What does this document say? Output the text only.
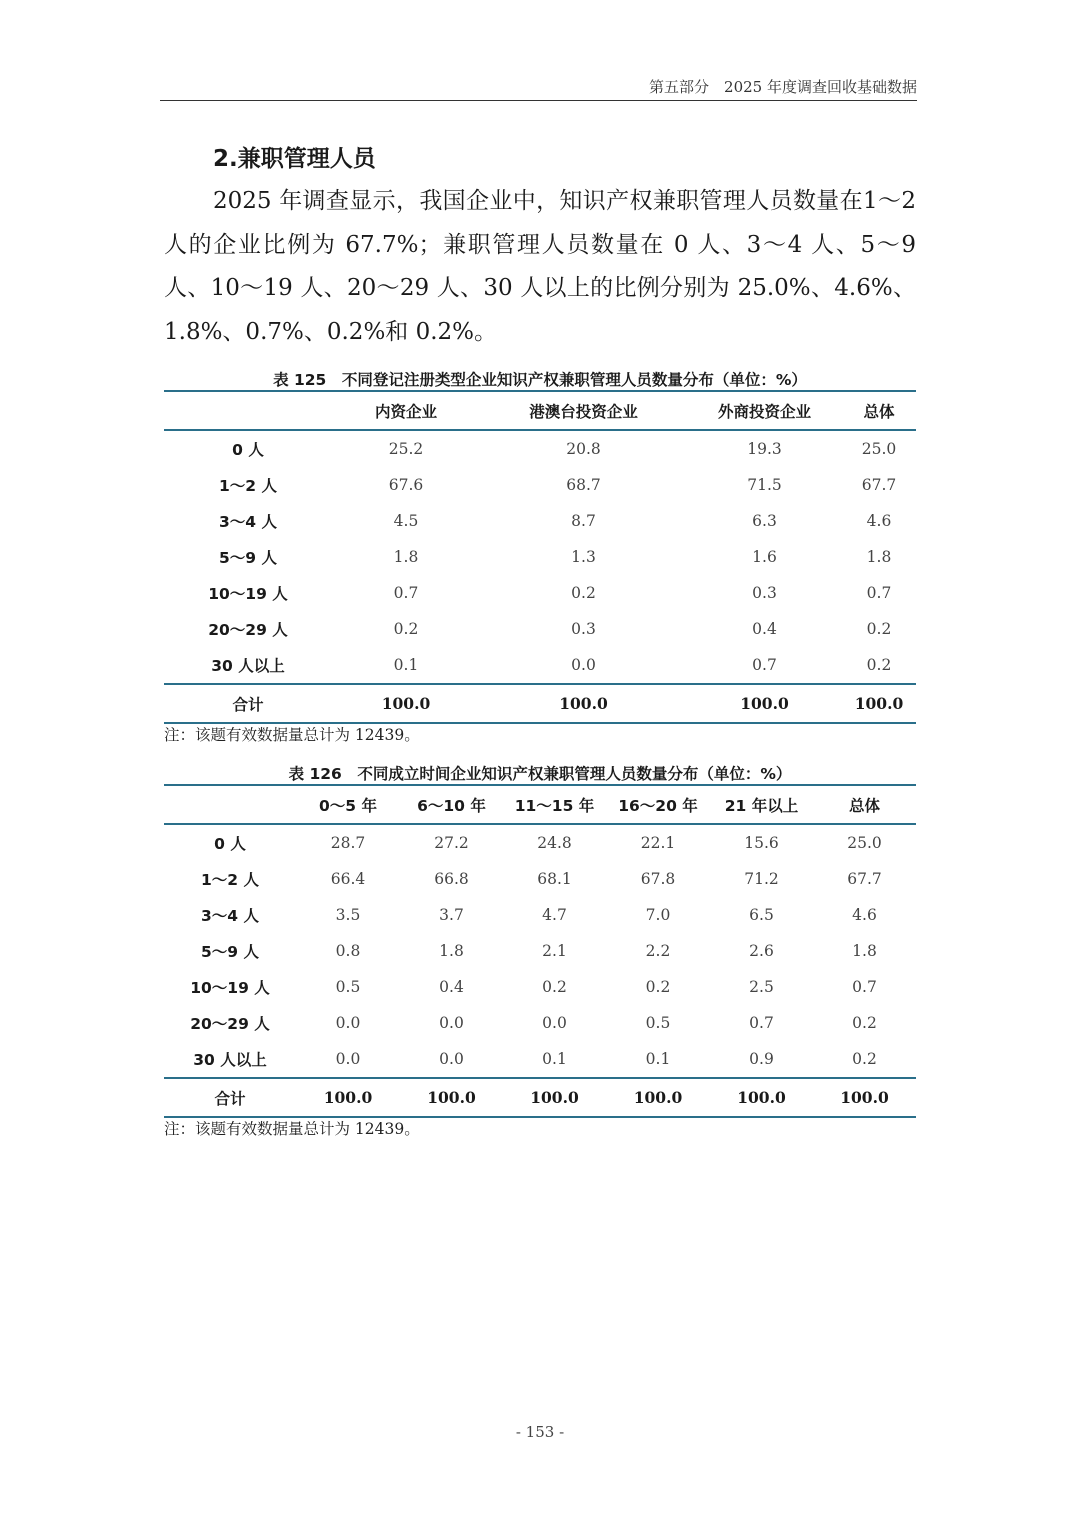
第五部分　2025 年度调查回收基础数据
2.兼职管理人员

2025 年调查显示，我国企业中，知识产权兼职管理人员数量在1～2 人的企业比例为 67.7%；兼职管理人员数量在 0 人、3～4 人、5～9 人、10～19 人、20～29 人、30 人以上的比例分别为 25.0%、4.6%、1.8%、0.7%、0.2%和 0.2%。

表 125　不同登记注册类型企业知识产权兼职管理人员数量分布（单位：%）
	内资企业	港澳台投资企业	外商投资企业	总体
0 人	25.2	20.8	19.3	25.0
1～2 人	67.6	68.7	71.5	67.7
3～4 人	4.5	8.7	6.3	4.6
5～9 人	1.8	1.3	1.6	1.8
10～19 人	0.7	0.2	0.3	0.7
20～29 人	0.2	0.3	0.4	0.2
30 人以上	0.1	0.0	0.7	0.2
合计	100.0	100.0	100.0	100.0
注：该题有效数据量总计为 12439。
表 126　不同成立时间企业知识产权兼职管理人员数量分布（单位：%）
	0～5 年	6～10 年	11～15 年	16～20 年	21 年以上	总体
0 人	28.7	27.2	24.8	22.1	15.6	25.0
1～2 人	66.4	66.8	68.1	67.8	71.2	67.7
3～4 人	3.5	3.7	4.7	7.0	6.5	4.6
5～9 人	0.8	1.8	2.1	2.2	2.6	1.8
10～19 人	0.5	0.4	0.2	0.2	2.5	0.7
20～29 人	0.0	0.0	0.0	0.5	0.7	0.2
30 人以上	0.0	0.0	0.1	0.1	0.9	0.2
合计	100.0	100.0	100.0	100.0	100.0	100.0
注：该题有效数据量总计为 12439。
- 153 -
